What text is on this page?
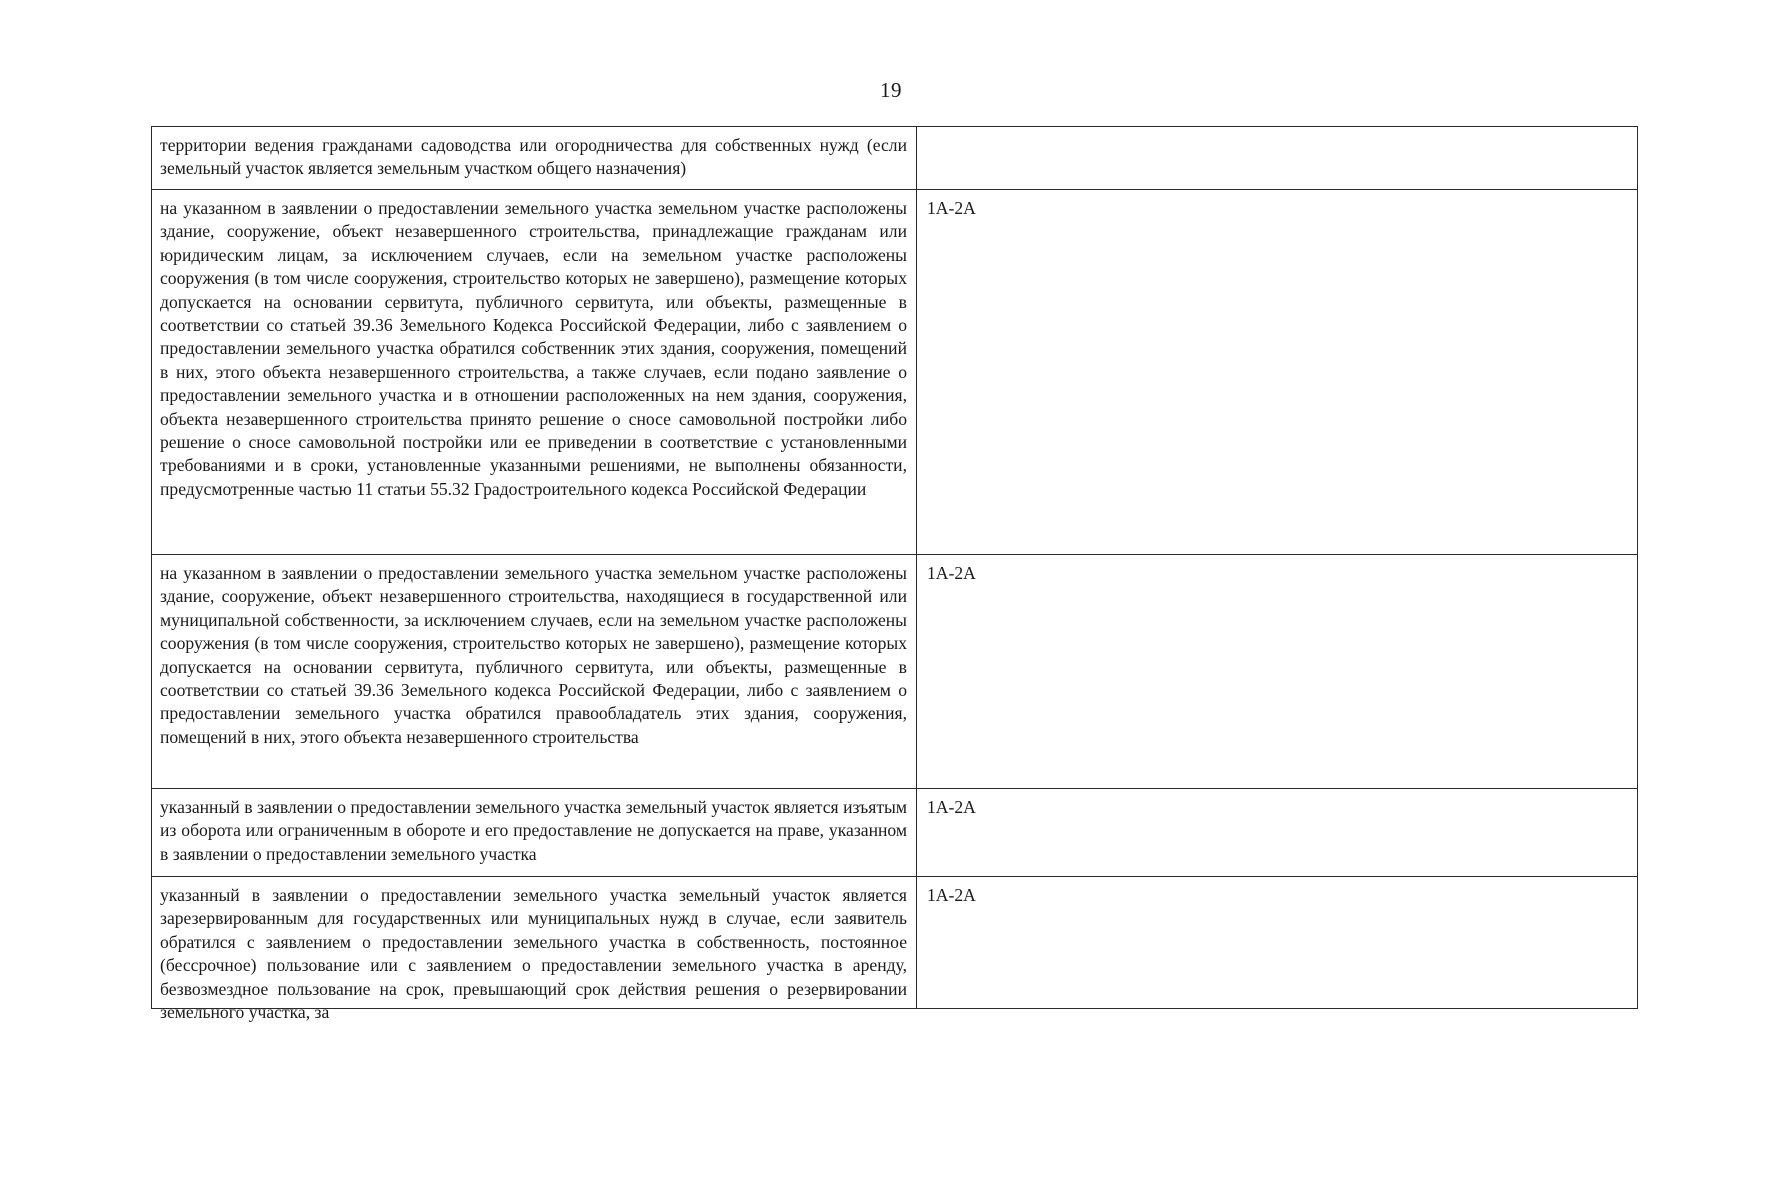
19
территории ведения гражданами садоводства или огородничества для собственных нужд (если земельный участок является земельным участком общего назначения)	
на указанном в заявлении о предоставлении земельного участка земельном участке расположены здание, сооружение, объект незавершенного строительства, принадлежащие гражданам или юридическим лицам, за исключением случаев, если на земельном участке расположены сооружения (в том числе сооружения, строительство которых не завершено), размещение которых допускается на основании сервитута, публичного сервитута, или объекты, размещенные в соответствии со статьей 39.36 Земельного Кодекса Российской Федерации, либо с заявлением о предоставлении земельного участка обратился собственник этих здания, сооружения, помещений в них, этого объекта незавершенного строительства, а также случаев, если подано заявление о предоставлении земельного участка и в отношении расположенных на нем здания, сооружения, объекта незавершенного строительства принято решение о сносе самовольной постройки либо решение о сносе самовольной постройки или ее приведении в соответствие с установленными требованиями и в сроки, установленные указанными решениями, не выполнены обязанности, предусмотренные частью 11 статьи 55.32 Градостроительного кодекса Российской Федерации	1А-2А
на указанном в заявлении о предоставлении земельного участка земельном участке расположены здание, сооружение, объект незавершенного строительства, находящиеся в государственной или муниципальной собственности, за исключением случаев, если на земельном участке расположены сооружения (в том числе сооружения, строительство которых не завершено), размещение которых допускается на основании сервитута, публичного сервитута, или объекты, размещенные в соответствии со статьей 39.36 Земельного кодекса Российской Федерации, либо с заявлением о предоставлении земельного участка обратился правообладатель этих здания, сооружения, помещений в них, этого объекта незавершенного строительства	1А-2А
указанный в заявлении о предоставлении земельного участка земельный участок является изъятым из оборота или ограниченным в обороте и его предоставление не допускается на праве, указанном в заявлении о предоставлении земельного участка	1А-2А

указанный в заявлении о предоставлении земельного участка земельный участок является зарезервированным для государственных или муниципальных нужд в случае, если заявитель обратился с заявлением о предоставлении земельного участка в собственность, постоянное (бессрочное) пользование или с заявлением о предоставлении земельного участка в аренду, безвозмездное пользование на срок, превышающий срок действия решения о резервировании земельного участка, за	1А-2А
